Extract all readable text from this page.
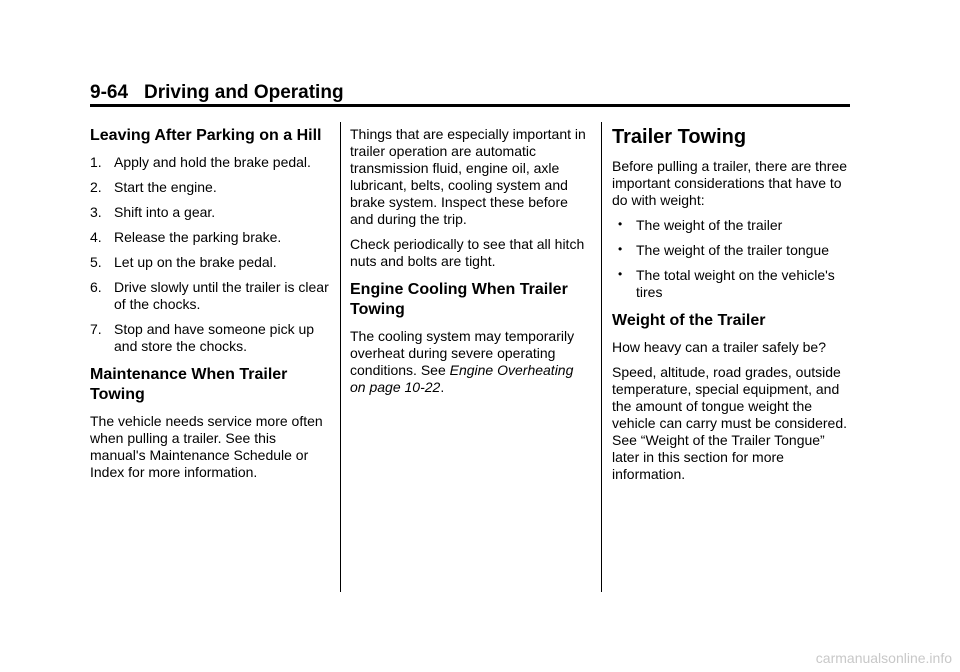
9-64 Driving and Operating
Leaving After Parking on a Hill
1. Apply and hold the brake pedal.
2. Start the engine.
3. Shift into a gear.
4. Release the parking brake.
5. Let up on the brake pedal.
6. Drive slowly until the trailer is clear of the chocks.
7. Stop and have someone pick up and store the chocks.
Maintenance When Trailer Towing

The vehicle needs service more often when pulling a trailer. See this manual's Maintenance Schedule or Index for more information.

Things that are especially important in trailer operation are automatic transmission fluid, engine oil, axle lubricant, belts, cooling system and brake system. Inspect these before and during the trip.

Check periodically to see that all hitch nuts and bolts are tight.

Engine Cooling When Trailer Towing

The cooling system may temporarily overheat during severe operating conditions. See Engine Overheating on page 10-22.

Trailer Towing

Before pulling a trailer, there are three important considerations that have to do with weight:

• The weight of the trailer
• The weight of the trailer tongue
• The total weight on the vehicle's tires
Weight of the Trailer

How heavy can a trailer safely be?

Speed, altitude, road grades, outside temperature, special equipment, and the amount of tongue weight the vehicle can carry must be considered. See “Weight of the Trailer Tongue” later in this section for more information.

carmanualsonline.info
